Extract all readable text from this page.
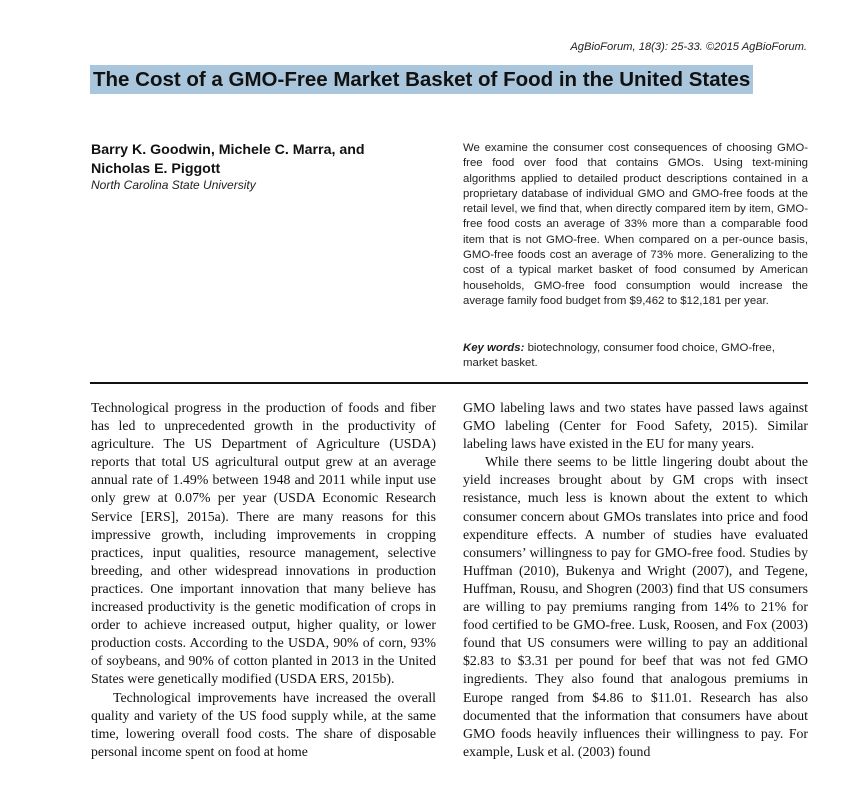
AgBioForum, 18(3): 25-33. ©2015 AgBioForum.
The Cost of a GMO-Free Market Basket of Food in the United States
Barry K. Goodwin, Michele C. Marra, and
Nicholas E. Piggott
North Carolina State University
We examine the consumer cost consequences of choosing GMO-free food over food that contains GMOs. Using text-mining algorithms applied to detailed product descriptions contained in a proprietary database of individual GMO and GMO-free foods at the retail level, we find that, when directly compared item by item, GMO-free food costs an average of 33% more than a comparable food item that is not GMO-free. When compared on a per-ounce basis, GMO-free foods cost an average of 73% more. Generalizing to the cost of a typical market basket of food consumed by American households, GMO-free food consumption would increase the average family food budget from $9,462 to $12,181 per year.
Key words: biotechnology, consumer food choice, GMO-free, market basket.

Technological progress in the production of foods and fiber has led to unprecedented growth in the productivity of agriculture. The US Department of Agriculture (USDA) reports that total US agricultural output grew at an average annual rate of 1.49% between 1948 and 2011 while input use only grew at 0.07% per year (USDA Economic Research Service [ERS], 2015a). There are many reasons for this impressive growth, including improvements in cropping practices, input qualities, resource management, selective breeding, and other widespread innovations in production practices. One important innovation that many believe has increased productivity is the genetic modification of crops in order to achieve increased output, higher quality, or lower production costs. According to the USDA, 90% of corn, 93% of soybeans, and 90% of cotton planted in 2013 in the United States were genetically modified (USDA ERS, 2015b).

Technological improvements have increased the overall quality and variety of the US food supply while, at the same time, lowering overall food costs. The share of disposable personal income spent on food at home

GMO labeling laws and two states have passed laws against GMO labeling (Center for Food Safety, 2015). Similar labeling laws have existed in the EU for many years.

While there seems to be little lingering doubt about the yield increases brought about by GM crops with insect resistance, much less is known about the extent to which consumer concern about GMOs translates into price and food expenditure effects. A number of studies have evaluated consumers’ willingness to pay for GMO-free food. Studies by Huffman (2010), Bukenya and Wright (2007), and Tegene, Huffman, Rousu, and Shogren (2003) find that US consumers are willing to pay premiums ranging from 14% to 21% for food certified to be GMO-free. Lusk, Roosen, and Fox (2003) found that US consumers were willing to pay an additional $2.83 to $3.31 per pound for beef that was not fed GMO ingredients. They also found that analogous premiums in Europe ranged from $4.86 to $11.01. Research has also documented that the information that consumers have about GMO foods heavily influences their willingness to pay. For example, Lusk et al. (2003) found
